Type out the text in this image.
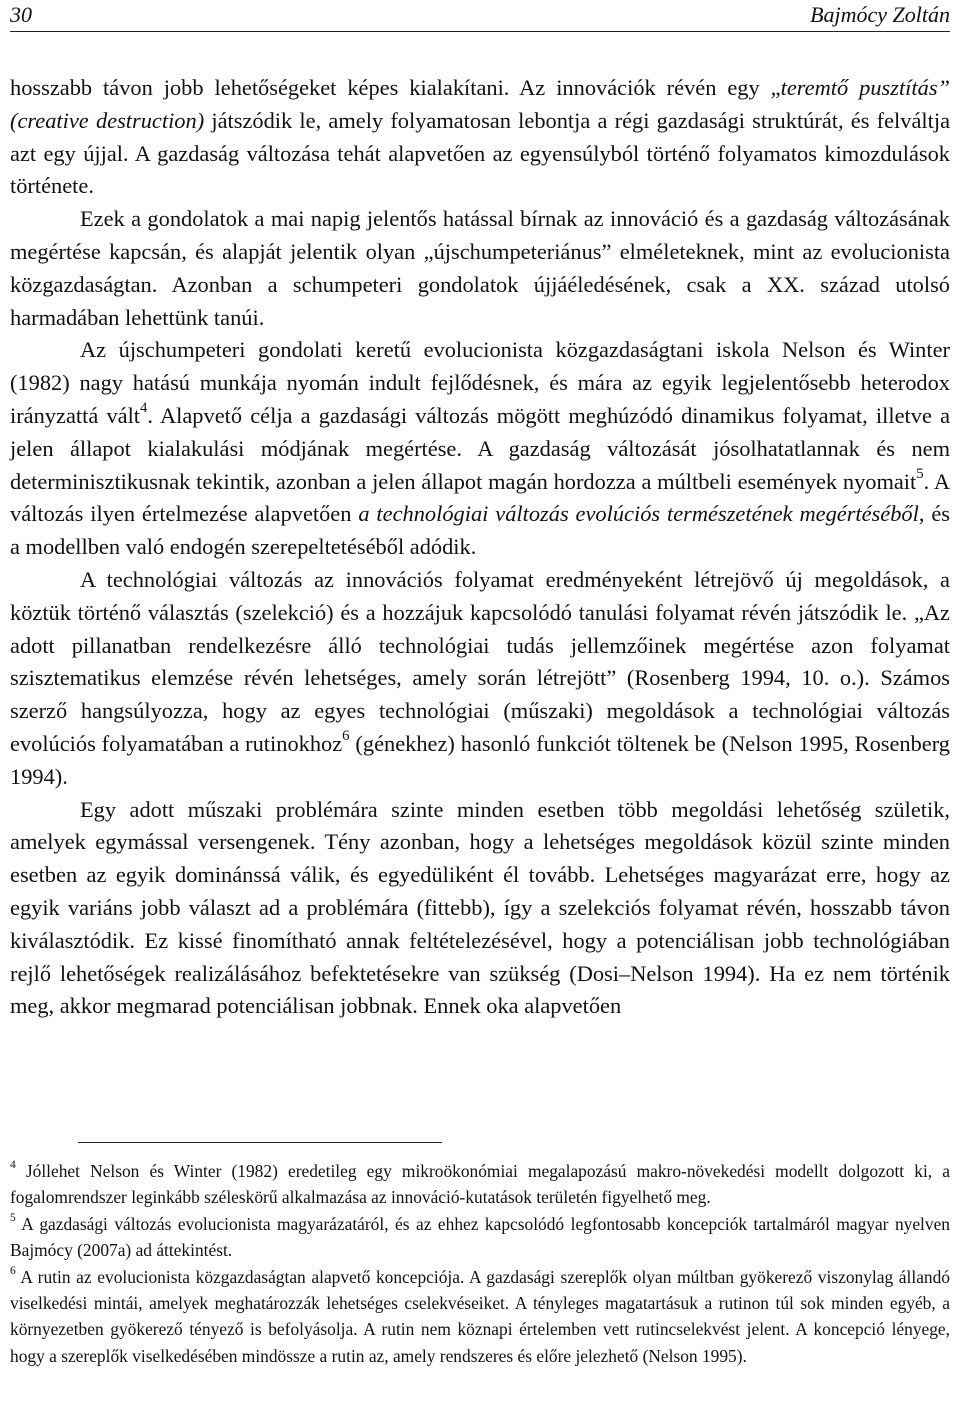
30	Bajmócy Zoltán

hosszabb távon jobb lehetőségeket képes kialakítani. Az innovációk révén egy „teremtő pusztítás” (creative destruction) játszódik le, amely folyamatosan lebontja a régi gazdasági struktúrát, és felváltja azt egy újjal. A gazdaság változása tehát alapvetően az egyensúlyból történő folyamatos kimozdulások története.

Ezek a gondolatok a mai napig jelentős hatással bírnak az innováció és a gazdaság változásának megértése kapcsán, és alapját jelentik olyan „újschumpeteriánus” elméleteknek, mint az evolucionista közgazdaságtan. Azonban a schumpeteri gondolatok újjáéledésének, csak a XX. század utolsó harmadában lehettünk tanúi.

Az újschumpeteri gondolati keretű evolucionista közgazdaságtani iskola Nelson és Winter (1982) nagy hatású munkája nyomán indult fejlődésnek, és mára az egyik legjelentősebb heterodox irányzattá vált$^4$. Alapvető célja a gazdasági változás mögött meghúzódó dinamikus folyamat, illetve a jelen állapot kialakulási módjának megértése. A gazdaság változását jósolhatatlannak és nem determinisztikusnak tekintik, azonban a jelen állapot magán hordozza a múltbeli események nyomait$^5$. A változás ilyen értelmezése alapvetően a technológiai változás evolúciós természetének megértéséből, és a modellben való endogén szerepeltetéséből adódik.

A technológiai változás az innovációs folyamat eredményeként létrejövő új megoldások, a köztük történő választás (szelekció) és a hozzájuk kapcsolódó tanulási folyamat révén játszódik le. „Az adott pillanatban rendelkezésre álló technológiai tudás jellemzőinek megértése azon folyamat szisztematikus elemzése révén lehetséges, amely során létrejött” (Rosenberg 1994, 10. o.). Számos szerző hangsúlyozza, hogy az egyes technológiai (műszaki) megoldások a technológiai változás evolúciós folyamatában a rutinokhoz$^6$ (génekhez) hasonló funkciót töltenek be (Nelson 1995, Rosenberg 1994).

Egy adott műszaki problémára szinte minden esetben több megoldási lehetőség születik, amelyek egymással versengenek. Tény azonban, hogy a lehetséges megoldások közül szinte minden esetben az egyik dominánssá válik, és egyedüliként él tovább. Lehetséges magyarázat erre, hogy az egyik variáns jobb választ ad a problémára (fittebb), így a szelekciós folyamat révén, hosszabb távon kiválasztódik. Ez kissé finomítható annak feltételezésével, hogy a potenciálisan jobb technológiában rejlő lehetőségek realizálásához befektetésekre van szükség (Dosi–Nelson 1994). Ha ez nem történik meg, akkor megmarad potenciálisan jobbnak. Ennek oka alapvetően

$^4$ Jóllehet Nelson és Winter (1982) eredetileg egy mikroökonómiai megalapozású makro-növekedési modellt dolgozott ki, a fogalomrendszer leginkább széleskörű alkalmazása az innováció-kutatások területén figyelhető meg.

$^5$ A gazdasági változás evolucionista magyarázatáról, és az ehhez kapcsolódó legfontosabb koncepciók tartalmáról magyar nyelven Bajmócy (2007a) ad áttekintést.

$^6$ A rutin az evolucionista közgazdaságtan alapvető koncepciója. A gazdasági szereplők olyan múltban gyökerező viszonylag állandó viselkedési mintái, amelyek meghatározzák lehetséges cselekvéseiket. A tényleges magatartásuk a rutinon túl sok minden egyéb, a környezetben gyökerező tényező is befolyásolja. A rutin nem köznapi értelemben vett rutincselekvést jelent. A koncepció lényege, hogy a szereplők viselkedésében mindössze a rutin az, amely rendszeres és előre jelezhető (Nelson 1995).
